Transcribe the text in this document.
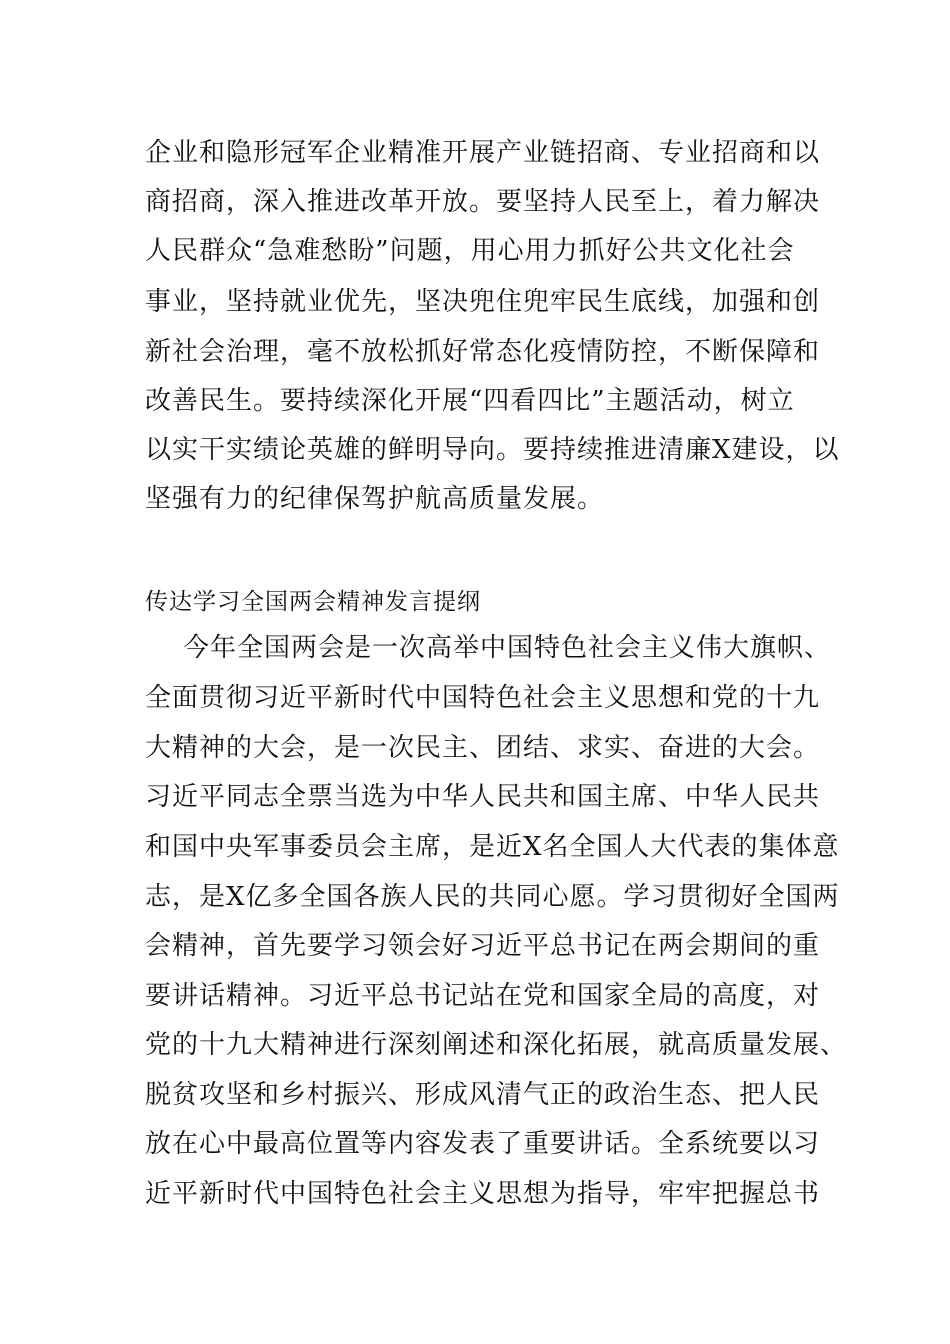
企业和隐形冠军企业精准开展产业链招商、专业招商和以
商招商，深入推进改革开放。要坚持人民至上，着力解决
人民群众“急难愁盼”问题，用心用力抓好公共文化社会
事业，坚持就业优先，坚决兜住兜牢民生底线，加强和创
新社会治理，毫不放松抓好常态化疫情防控，不断保障和
改善民生。要持续深化开展“四看四比”主题活动，树立
以实干实绩论英雄的鲜明导向。要持续推进清廉X建设，以
坚强有力的纪律保驾护航高质量发展。
传达学习全国两会精神发言提纲
今年全国两会是一次高举中国特色社会主义伟大旗帜、
全面贯彻习近平新时代中国特色社会主义思想和党的十九
大精神的大会，是一次民主、团结、求实、奋进的大会。
习近平同志全票当选为中华人民共和国主席、中华人民共
和国中央军事委员会主席，是近X名全国人大代表的集体意
志，是X亿多全国各族人民的共同心愿。学习贯彻好全国两
会精神，首先要学习领会好习近平总书记在两会期间的重
要讲话精神。习近平总书记站在党和国家全局的高度，对
党的十九大精神进行深刻阐述和深化拓展，就高质量发展、
脱贫攻坚和乡村振兴、形成风清气正的政治生态、把人民
放在心中最高位置等内容发表了重要讲话。全系统要以习
近平新时代中国特色社会主义思想为指导，牢牢把握总书
